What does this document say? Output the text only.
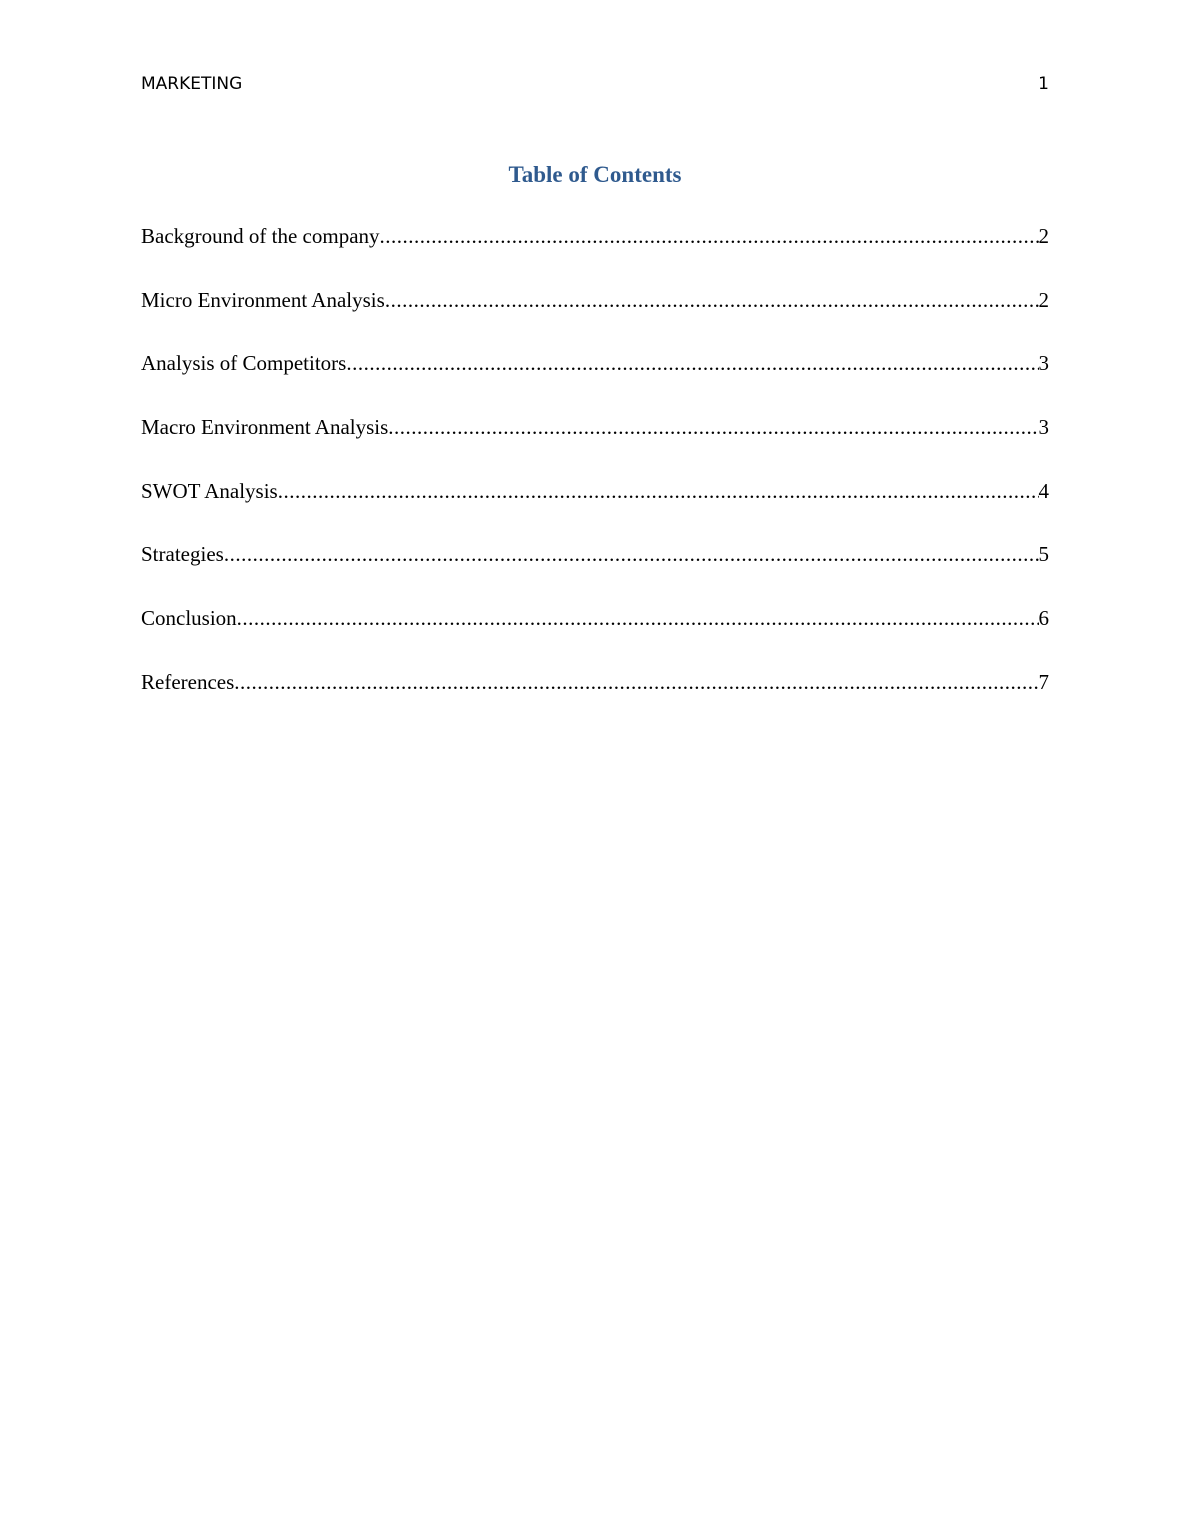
MARKETING	1
Table of Contents
Background of the company .....	2
Micro Environment Analysis .....	2
Analysis of Competitors .....	3
Macro Environment Analysis .....	3
SWOT Analysis .....	4
Strategies .....	5
Conclusion .....	6
References .....	7
